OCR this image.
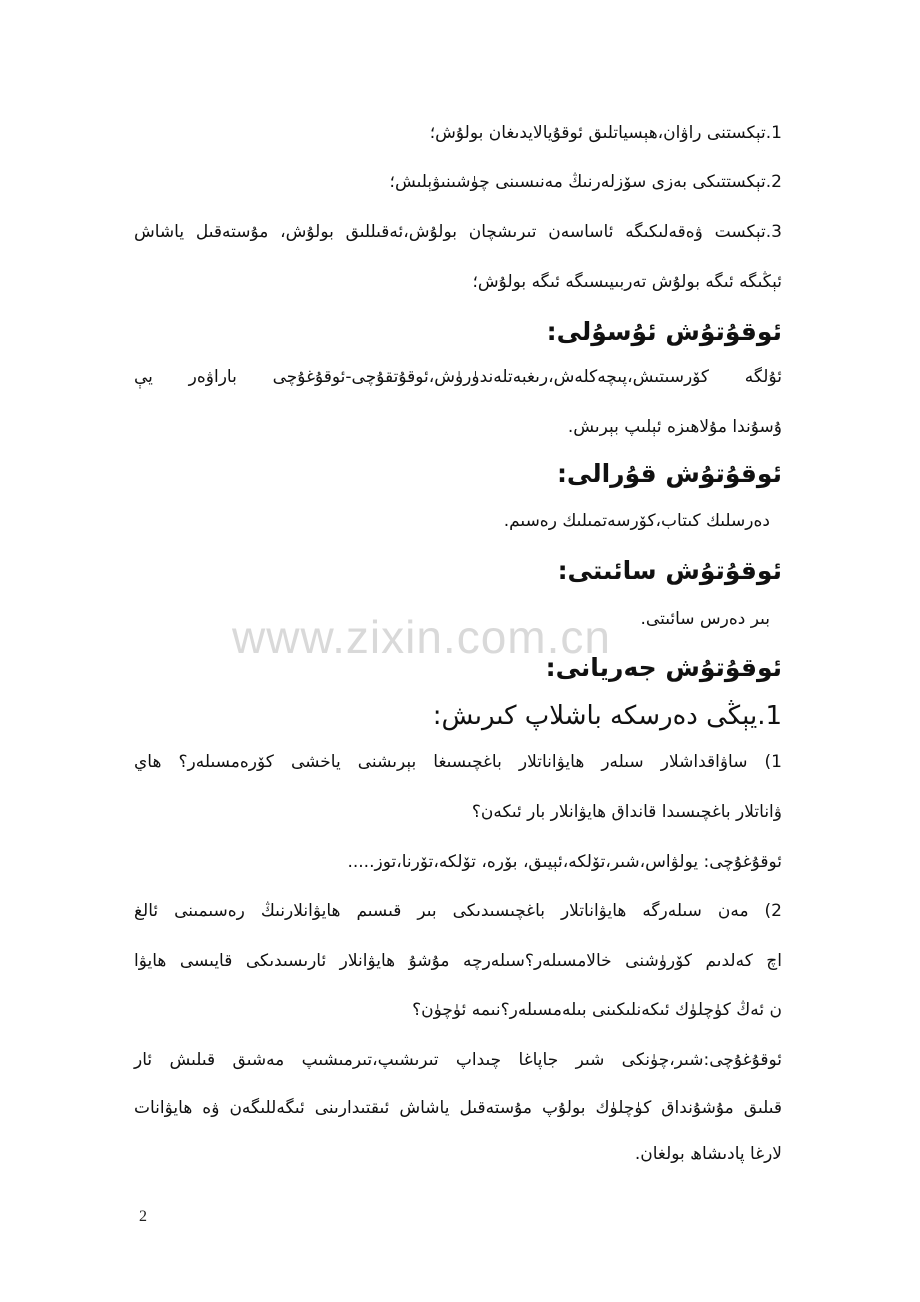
www.zixin.com.cn
1.تېكستنى راۋان،ھېسياتلىق ئوقۇيالايدىغان بولۇش؛
2.تېكستتىكى بەزى سۆزلەرنىڭ مەنىسىنى چۈشىنىۋېلىش؛
3.تېكست ۋەقەلىكىگە ئاساسەن تىرىشچان بولۇش،ئەقىللىق بولۇش، مۇستەقىل ياشاش
ئېڭىگە ئىگە بولۇش تەربىيىسىگە ئىگە بولۇش؛
ئوقۇتۇش ئۇسۇلى:
ئۇلگە كۆرسىتىش،پىچەكلەش،رىغبەتلەندۈرۈش،ئوقۇتقۇچى-ئوقۇغۇچى باراۋەر يې
ۇسۇندا مۇلاھىزە ئېلىپ بېرىش.
ئوقۇتۇش قۇرالى:
دەرسلىك كىتاب،كۆرسەتمىلىك رەسىم.
ئوقۇتۇش سائىتى:
بىر دەرس سائىتى.
ئوقۇتۇش جەريانى:
1.يېڭى دەرسكە باشلاپ كىرىش:
1) ساۋاقداشلار سىلەر ھايۋاناتلار باغچىسىغا بېرىشنى ياخشى كۆرەمسىلەر؟ ھاي
ۋاناتلار باغچىسىدا قانداق ھايۋانلار بار ئىكەن؟
ئوقۇغۇچى: يولۋاس،شىر،تۆلكە،ئېيىق، بۆرە، تۆلكە،تۆرنا،توز.....
2) مەن سىلەرگە ھايۋاناتلار باغچىسىدىكى بىر قىسىم ھايۋانلارنىڭ رەسىمىنى ئالغ
اچ كەلدىم كۆرۈشنى خالامسىلەر؟سىلەرچە مۇشۇ ھايۋانلار ئارىسىدىكى قايىسى ھايۋا
ن ئەڭ كۈچلۈك ئىكەنلىكىنى بىلەمسىلەر؟نىمە ئۈچۈن؟
ئوقۇغۇچى:شىر،چۈنكى شىر جاپاغا چىداپ تىرىشىپ،تىرمىشىپ مەشىق قىلىش ئار
قىلىق مۇشۇنداق كۈچلۈك بولۇپ مۇستەقىل ياشاش ئىقتىدارىنى ئىگەللىگەن ۋە ھايۋانات
لارغا پادىشاھ بولغان.
2
